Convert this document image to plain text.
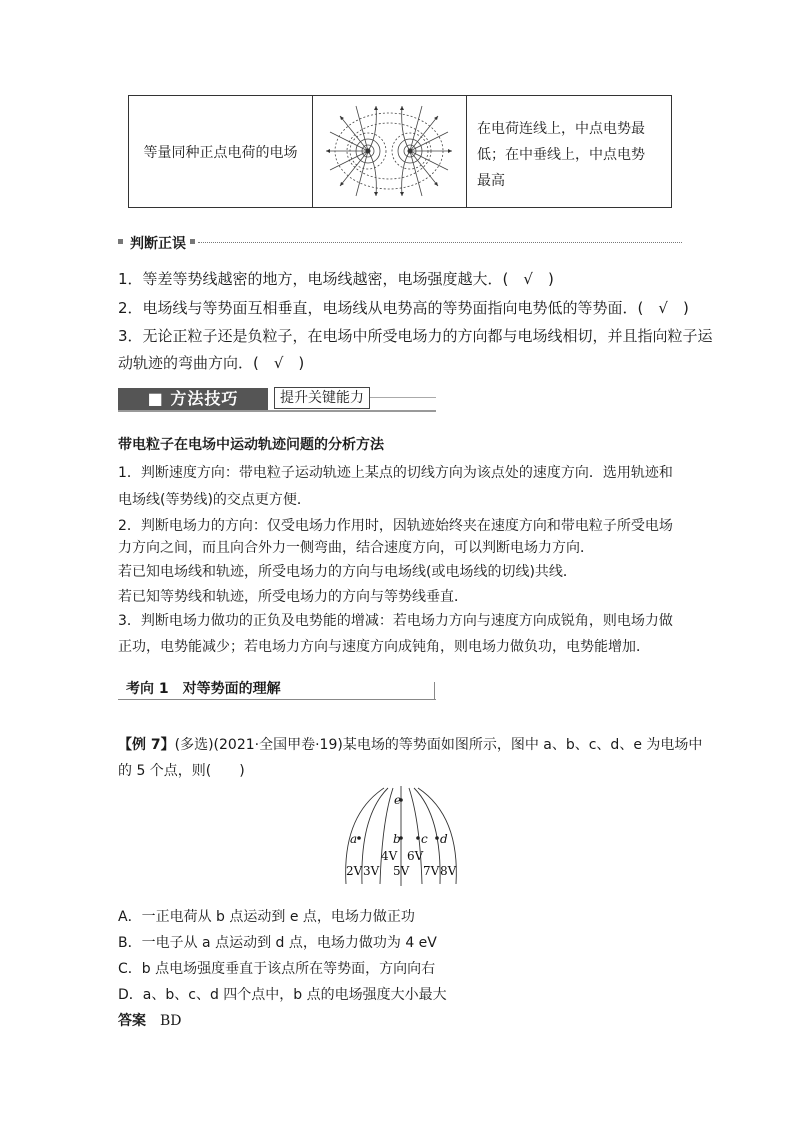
等量同种正点电荷的电场
在电荷连线上，中点电势最低；在中垂线上，中点电势最高
判断正误
1．等差等势线越密的地方，电场线越密，电场强度越大．(　√　)
2．电场线与等势面互相垂直，电场线从电势高的等势面指向电势低的等势面．(　√　)
3．无论正粒子还是负粒子，在电场中所受电场力的方向都与电场线相切，并且指向粒子运
动轨迹的弯曲方向．(　√　)
■ 方法技巧	提升关键能力
带电粒子在电场中运动轨迹问题的分析方法
1．判断速度方向：带电粒子运动轨迹上某点的切线方向为该点处的速度方向．选用轨迹和
电场线(等势线)的交点更方便．
2．判断电场力的方向：仅受电场力作用时，因轨迹始终夹在速度方向和带电粒子所受电场
力方向之间，而且向合外力一侧弯曲，结合速度方向，可以判断电场力方向．
若已知电场线和轨迹，所受电场力的方向与电场线(或电场线的切线)共线．
若已知等势线和轨迹，所受电场力的方向与等势线垂直．
3．判断电场力做功的正负及电势能的增减：若电场力方向与速度方向成锐角，则电场力做
正功，电势能减少；若电场力方向与速度方向成钝角，则电场力做负功，电势能增加．
考向 1　对等势面的理解
【例 7】(多选)(2021·全国甲卷·19)某电场的等势面如图所示，图中 a、b、c、d、e 为电场中
的 5 个点，则(　　)
e
a	b c d
4V 6V
2V 3V 5V 7V 8V
A．一正电荷从 b 点运动到 e 点，电场力做正功
B．一电子从 a 点运动到 d 点，电场力做功为 4 eV
C．b 点电场强度垂直于该点所在等势面，方向向右
D．a、b、c、d 四个点中，b 点的电场强度大小最大
答案　 BD
